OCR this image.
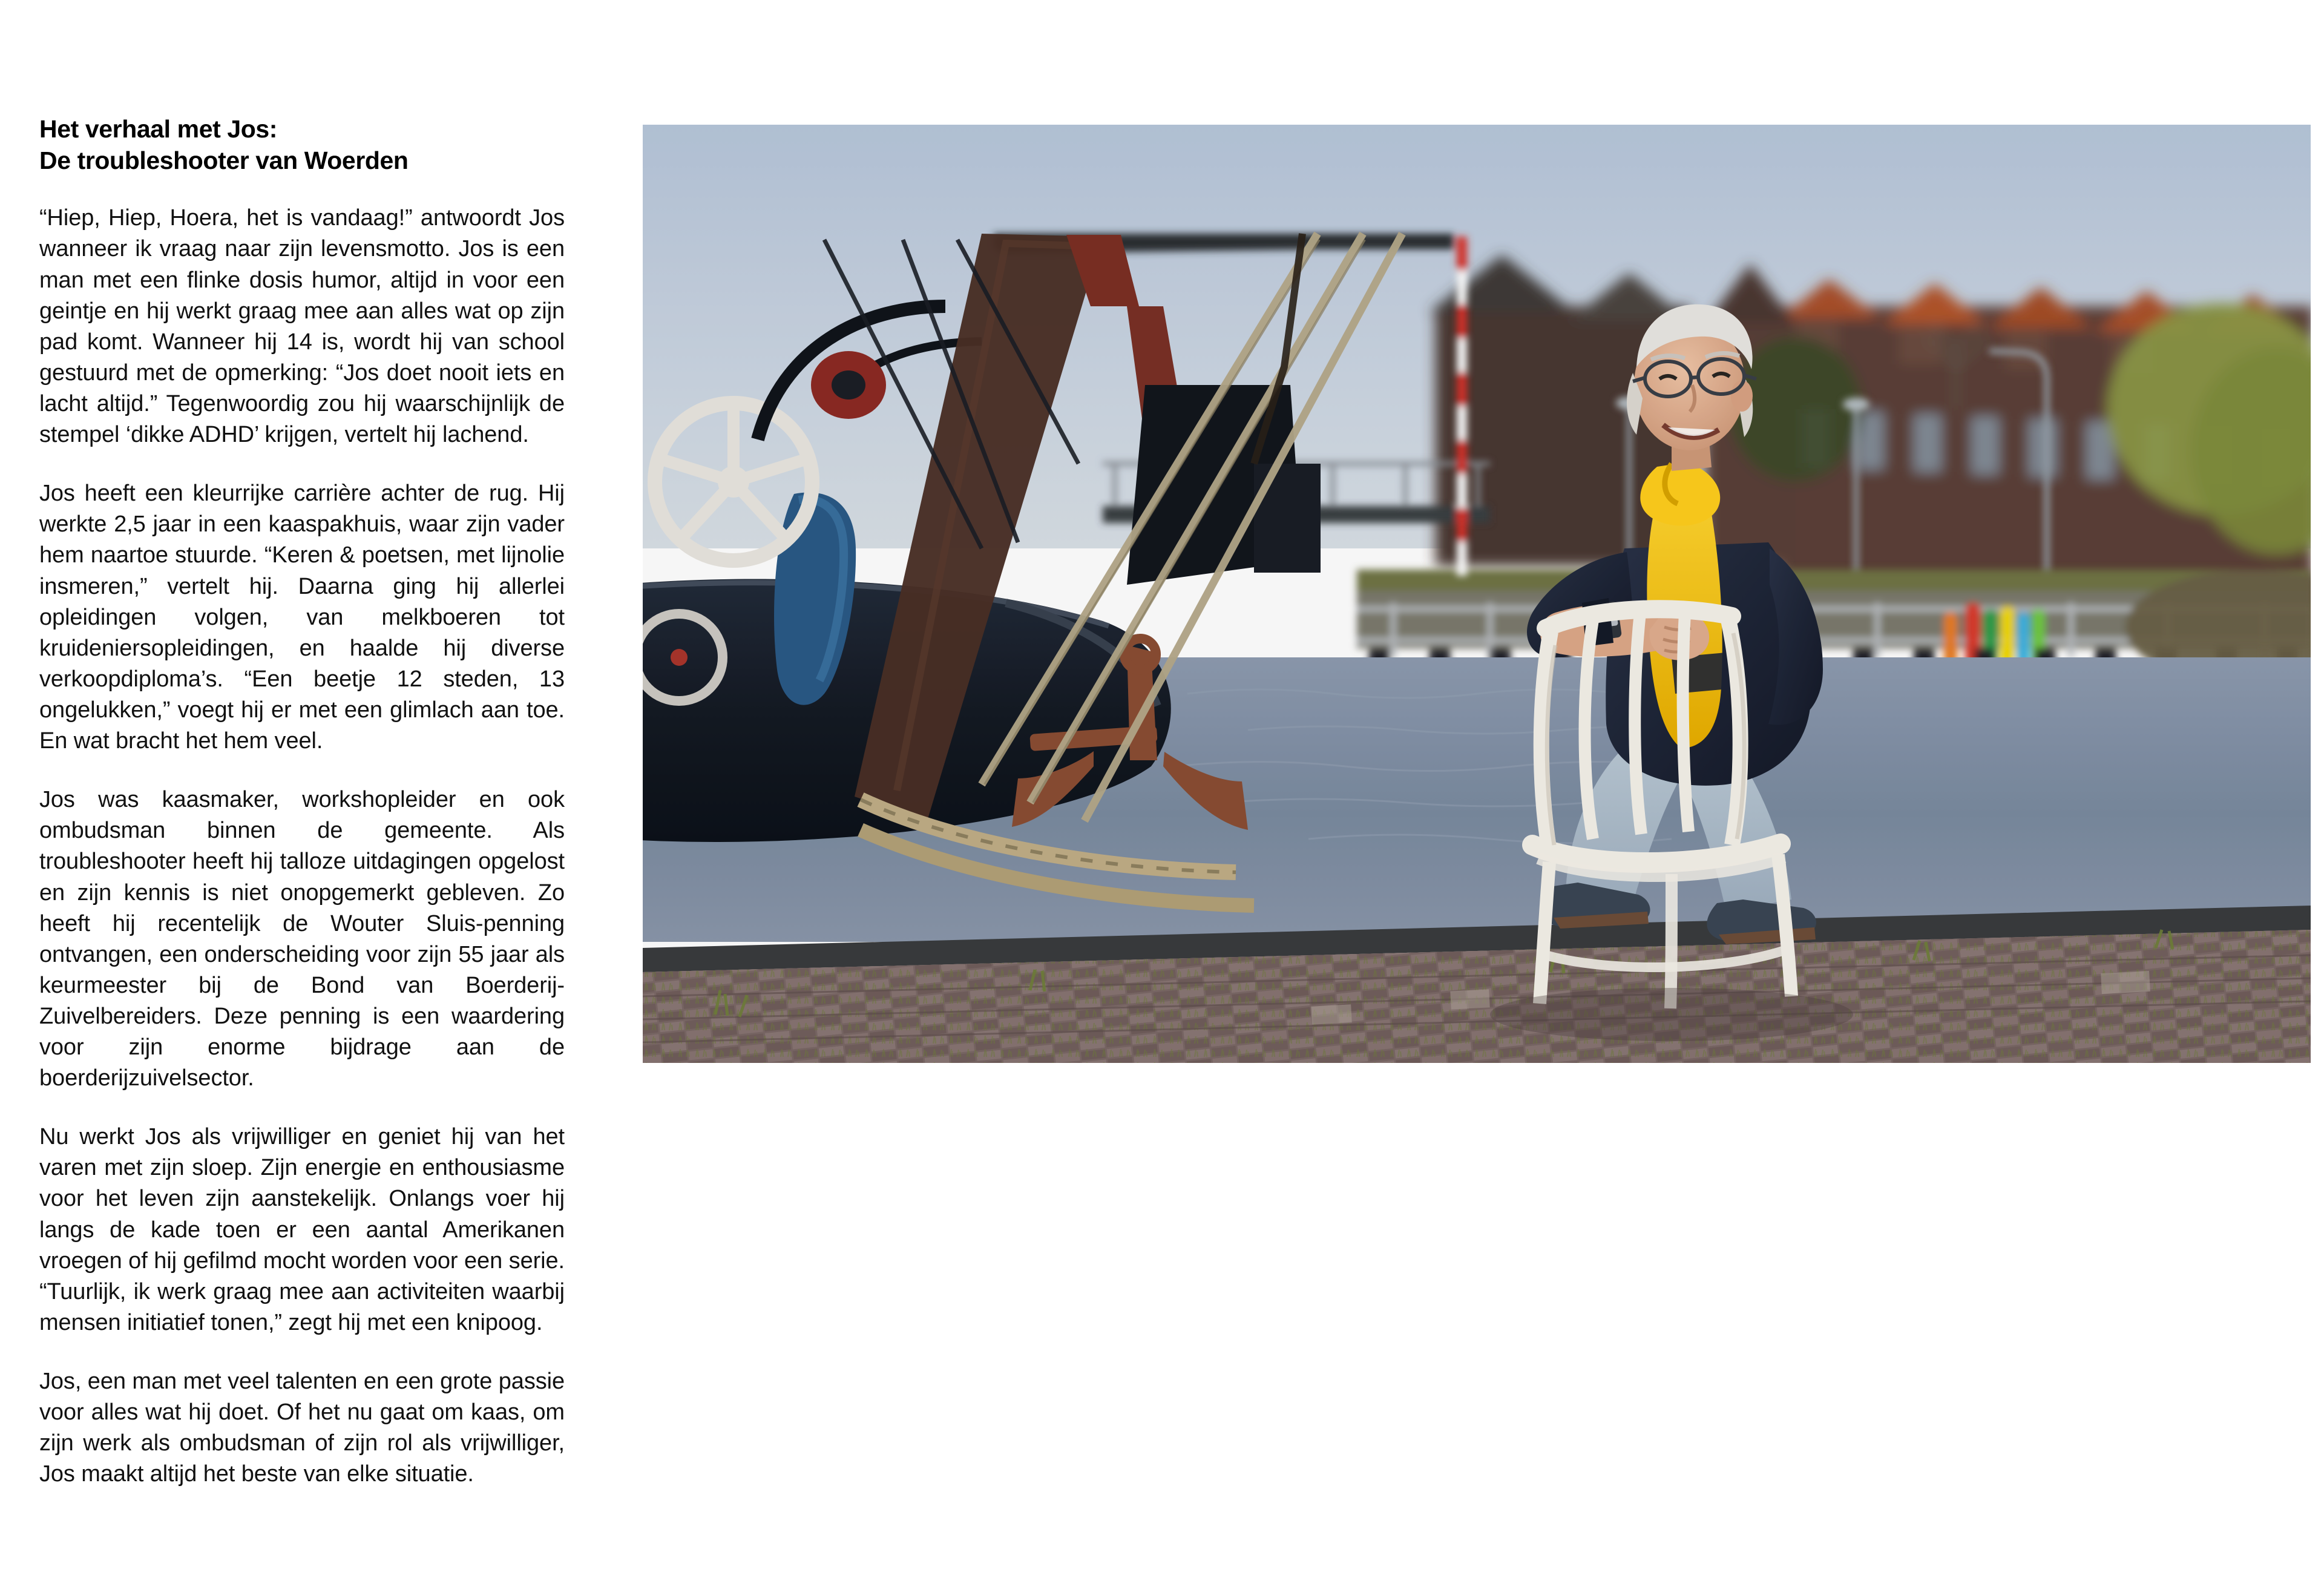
Het verhaal met Jos:
De troubleshooter van Woerden

“Hiep, Hiep, Hoera, het is vandaag!” antwoordt Jos wanneer ik vraag naar zijn levensmotto. Jos is een man met een flinke dosis humor, altijd in voor een geintje en hij werkt graag mee aan alles wat op zijn pad komt. Wanneer hij 14 is, wordt hij van school gestuurd met de opmerking: “Jos doet nooit iets en lacht altijd.” Tegenwoordig zou hij waarschijnlijk de stempel ‘dikke ADHD’ krijgen, vertelt hij lachend.

Jos heeft een kleurrijke carrière achter de rug. Hij werkte 2,5 jaar in een kaaspakhuis, waar zijn vader hem naartoe stuurde. “Keren & poetsen, met lijnolie insmeren,” vertelt hij. Daarna ging hij allerlei opleidingen volgen, van melkboeren tot kruideniersopleidingen, en haalde hij diverse verkoopdiploma’s. “Een beetje 12 steden, 13 ongelukken,” voegt hij er met een glimlach aan toe. En wat bracht het hem veel.

Jos was kaasmaker, workshopleider en ook ombudsman binnen de gemeente. Als troubleshooter heeft hij talloze uitdagingen opgelost en zijn kennis is niet onopgemerkt gebleven. Zo heeft hij recentelijk de Wouter Sluis-penning ontvangen, een onderscheiding voor zijn 55 jaar als keurmeester bij de Bond van Boerderij-Zuivelbereiders. Deze penning is een waardering voor zijn enorme bijdrage aan de boerderijzuivelsector.

Nu werkt Jos als vrijwilliger en geniet hij van het varen met zijn sloep. Zijn energie en enthousiasme voor het leven zijn aanstekelijk. Onlangs voer hij langs de kade toen er een aantal Amerikanen vroegen of hij gefilmd mocht worden voor een serie. “Tuurlijk, ik werk graag mee aan activiteiten waarbij mensen initiatief tonen,” zegt hij met een knipoog.

Jos, een man met veel talenten en een grote passie voor alles wat hij doet. Of het nu gaat om kaas, om zijn werk als ombudsman of zijn rol als vrijwilliger, Jos maakt altijd het beste van elke situatie.
